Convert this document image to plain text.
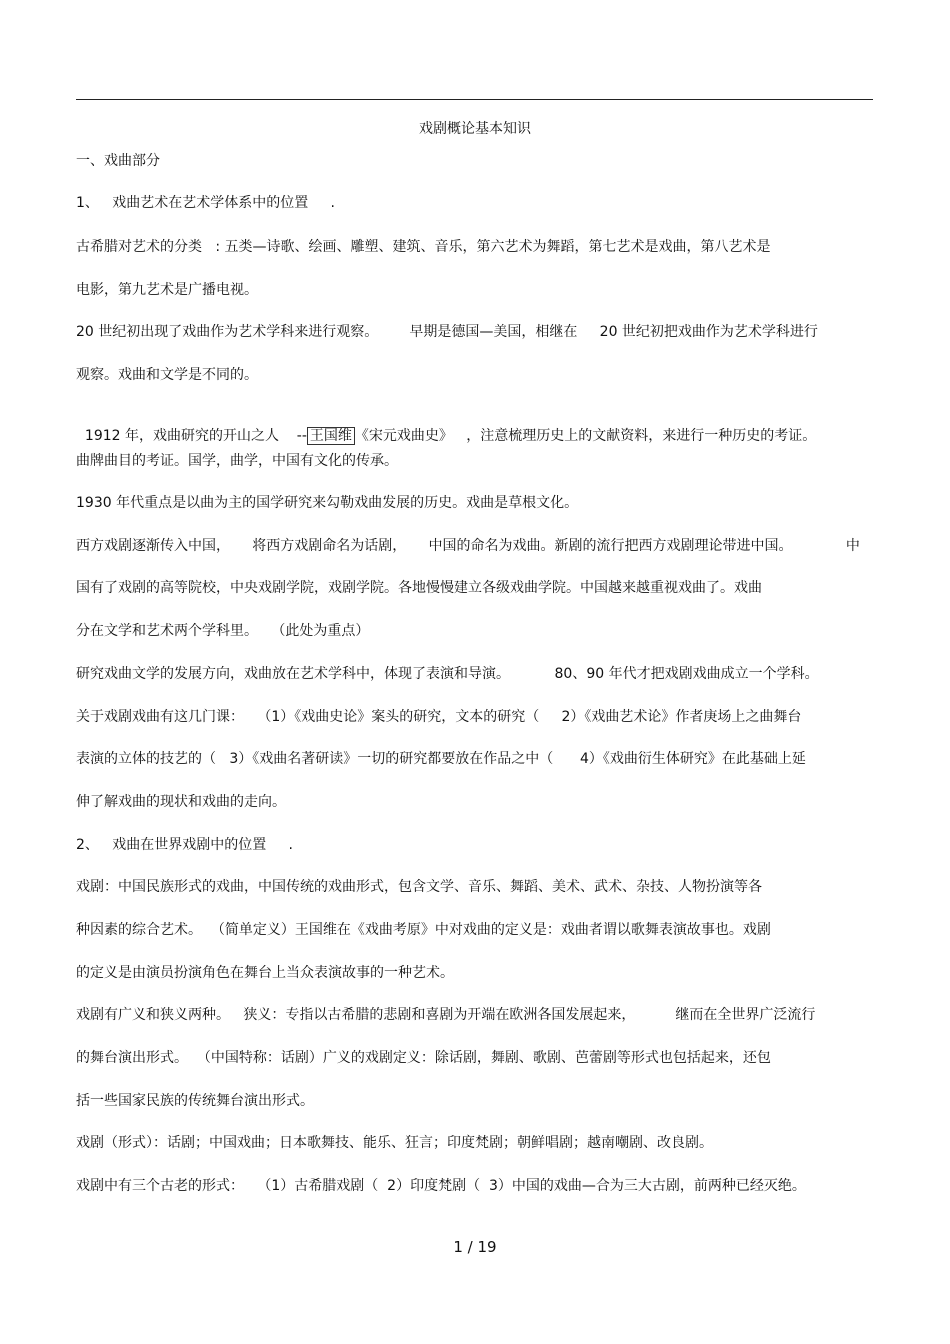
戏剧概论基本知识
一、戏曲部分
1、   戏曲艺术在艺术学体系中的位置     .
古希腊对艺术的分类   : 五类—诗歌、绘画、雕塑、建筑、音乐，第六艺术为舞蹈，第七艺术是戏曲，第八艺术是
电影，第九艺术是广播电视。
20 世纪初出现了戏曲作为艺术学科来进行观察。       早期是德国—美国，相继在     20 世纪初把戏曲作为艺术学科进行
观察。戏曲和文学是不同的。

1912 年，戏曲研究的开山之人    -- 王国维 《宋元戏曲史》   ，注意梳理历史上的文献资料，来进行一种历史的考证。

曲牌曲目的考证。国学，曲学，中国有文化的传承。
1930 年代重点是以曲为主的国学研究来勾勒戏曲发展的历史。戏曲是草根文化。
西方戏剧逐渐传入中国，     将西方戏剧命名为话剧，     中国的命名为戏曲。新剧的流行把西方戏剧理论带进中国。            中
国有了戏剧的高等院校，中央戏剧学院，戏剧学院。各地慢慢建立各级戏曲学院。中国越来越重视戏曲了。戏曲
分在文学和艺术两个学科里。   （此处为重点）
研究戏曲文学的发展方向，戏曲放在艺术学科中，体现了表演和导演。          80、90 年代才把戏剧戏曲成立一个学科。
关于戏剧戏曲有这几门课：   （1）《戏曲史论》案头的研究，文本的研究（     2）《戏曲艺术论》作者庚场上之曲舞台
表演的立体的技艺的（   3）《戏曲名著研读》一切的研究都要放在作品之中（      4）《戏曲衍生体研究》在此基础上延
伸了解戏曲的现状和戏曲的走向。
2、   戏曲在世界戏剧中的位置     .
戏剧：中国民族形式的戏曲，中国传统的戏曲形式，包含文学、音乐、舞蹈、美术、武术、杂技、人物扮演等各
种因素的综合艺术。  （简单定义）王国维在《戏曲考原》中对戏曲的定义是：戏曲者谓以歌舞表演故事也。戏剧
的定义是由演员扮演角色在舞台上当众表演故事的一种艺术。
戏剧有广义和狭义两种。   狭义：专指以古希腊的悲剧和喜剧为开端在欧洲各国发展起来，         继而在全世界广泛流行
的舞台演出形式。  （中国特称：话剧）广义的戏剧定义：除话剧，舞剧、歌剧、芭蕾剧等形式也包括起来，还包
括一些国家民族的传统舞台演出形式。
戏剧（形式）：话剧；中国戏曲；日本歌舞技、能乐、狂言；印度梵剧；朝鲜唱剧；越南嘲剧、改良剧。
戏剧中有三个古老的形式：   （1）古希腊戏剧（  2）印度梵剧（  3）中国的戏曲—合为三大古剧，前两种已经灭绝。
1 / 19
